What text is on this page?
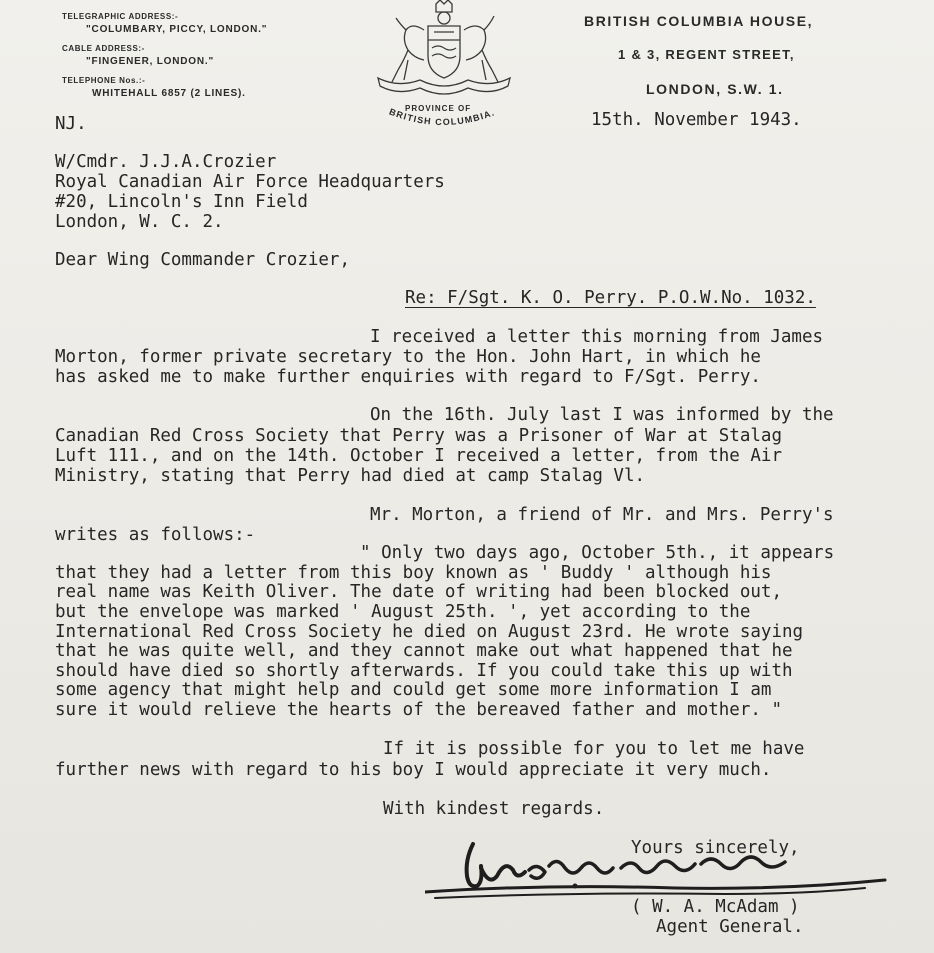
TELEGRAPHIC ADDRESS:-
"COLUMBARY, PICCY, LONDON."
CABLE ADDRESS:-
"FINGENER, LONDON."
TELEPHONE Nos.:-
WHITEHALL 6857 (2 LINES).
PROVINCE OF
BRITISH COLUMBIA.
BRITISH COLUMBIA HOUSE,
1 & 3, REGENT STREET,
LONDON, S.W. 1.
NJ.	15th. November 1943.
W/Cmdr. J.J.A.Crozier
Royal Canadian Air Force Headquarters
#20, Lincoln's Inn Field
London, W. C. 2.
Dear Wing Commander Crozier,
Re: F/Sgt. K. O. Perry. P.O.W.No. 1032.
I received a letter this morning from James
Morton, former private secretary to the Hon. John Hart, in which he
has asked me to make further enquiries with regard to F/Sgt. Perry.
On the 16th. July last I was informed by the
Canadian Red Cross Society that Perry was a Prisoner of War at Stalag
Luft 111., and on the 14th. October I received a letter, from the Air
Ministry, stating that Perry had died at camp Stalag Vl.
Mr. Morton, a friend of Mr. and Mrs. Perry's
writes as follows:-
" Only two days ago, October 5th., it appears
that they had a letter from this boy known as ' Buddy ' although his
real name was Keith Oliver. The date of writing had been blocked out,
but the envelope was marked ' August 25th. ', yet according to the
International Red Cross Society he died on August 23rd. He wrote saying
that he was quite well, and they cannot make out what happened that he
should have died so shortly afterwards. If you could take this up with
some agency that might help and could get some more information I am
sure it would relieve the hearts of the bereaved father and mother. "
If it is possible for you to let me have
further news with regard to his boy I would appreciate it very much.
With kindest regards.
Yours sincerely,
( W. A. McAdam )
Agent General.
